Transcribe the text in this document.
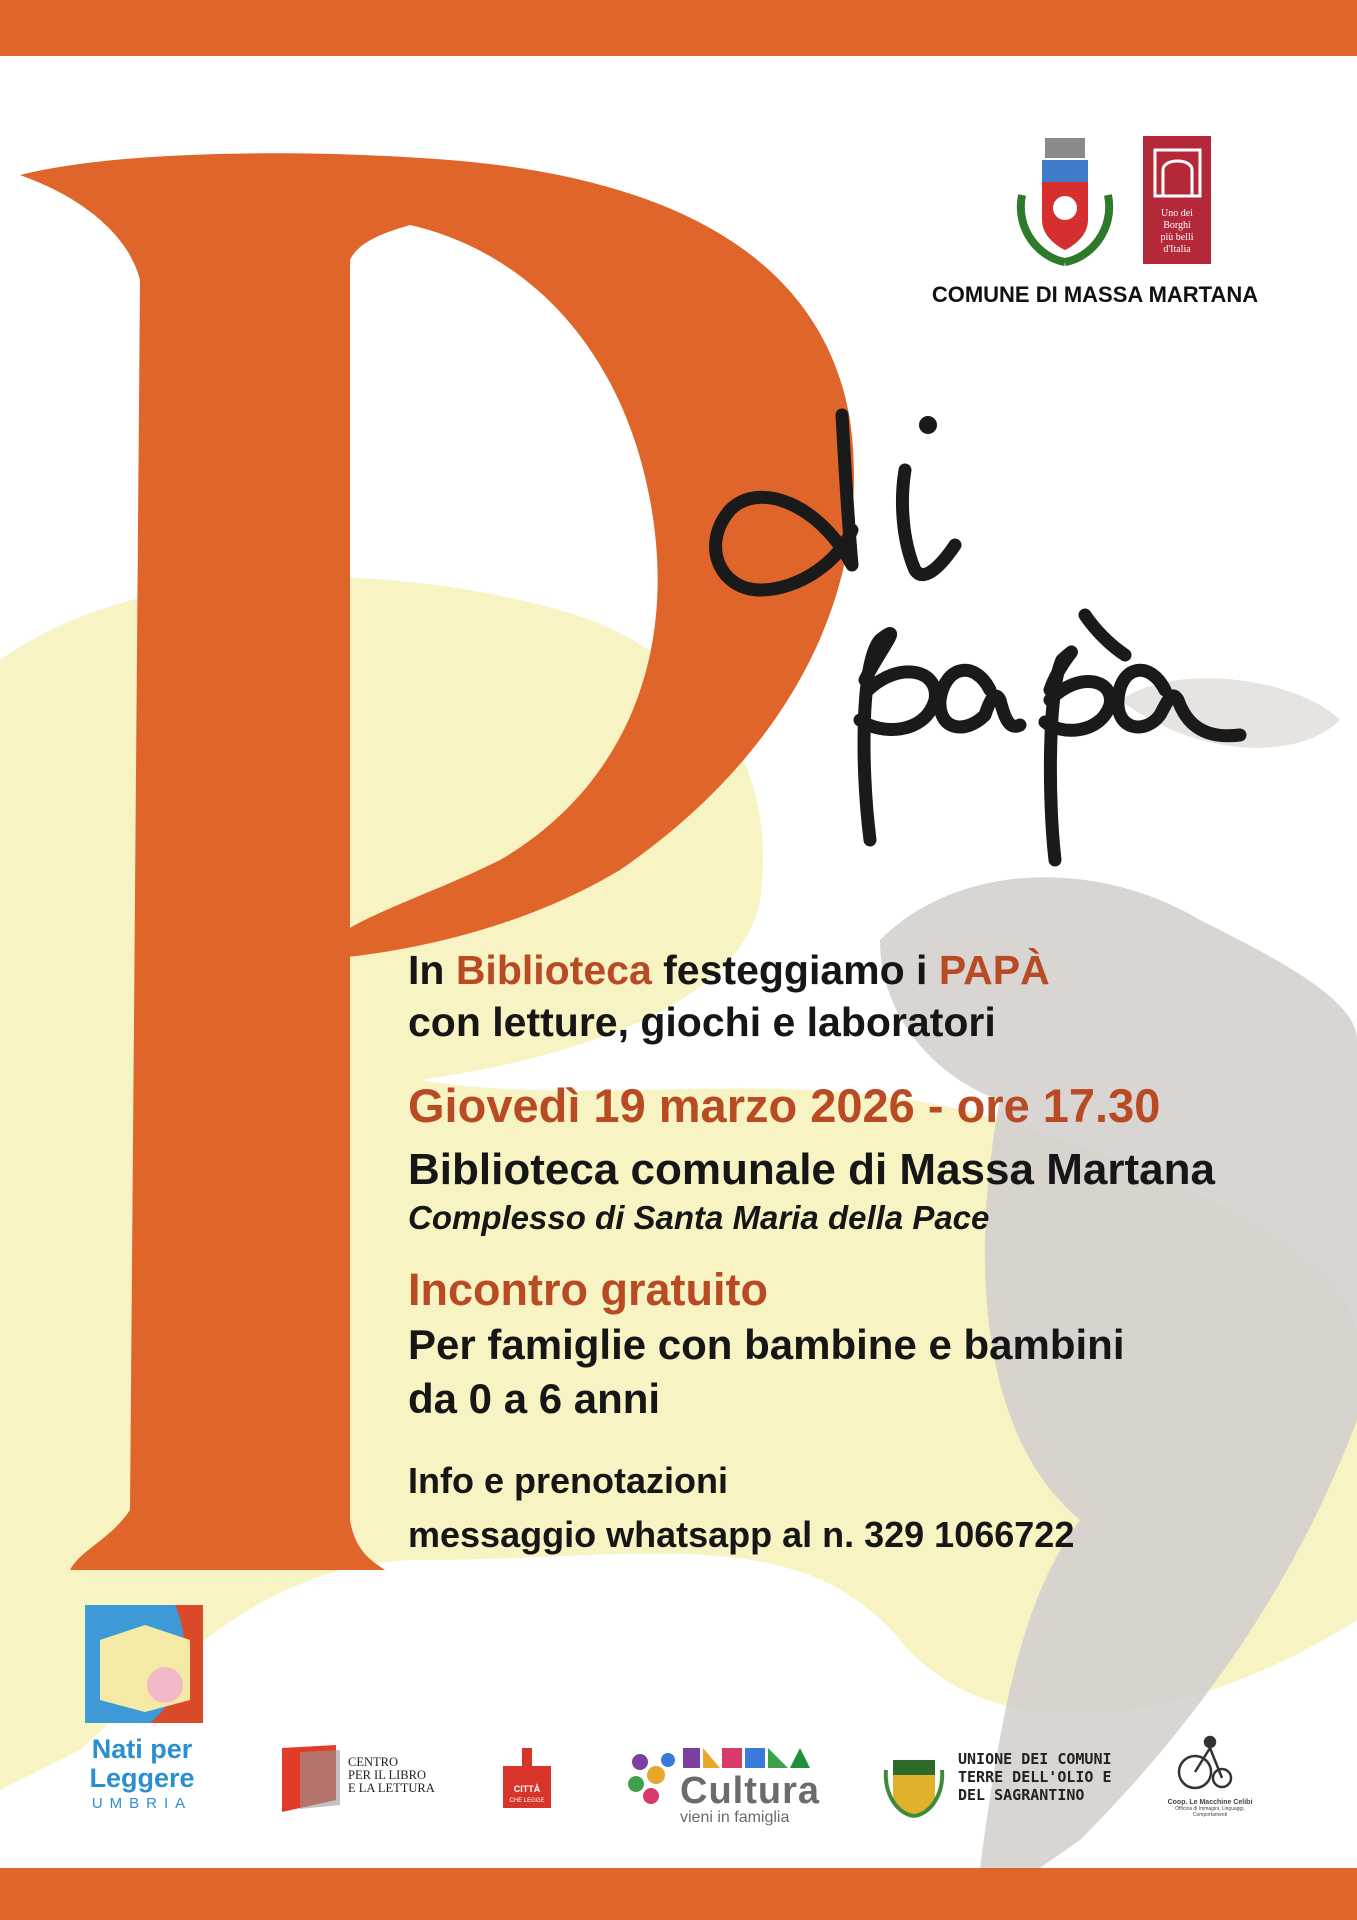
Uno dei
Borghi
più belli
d'Italia
COMUNE DI MASSA MARTANA
In Biblioteca festeggiamo i PAPÀ
con letture, giochi e laboratori
Giovedì 19 marzo 2026 - ore 17.30
Biblioteca comunale di Massa Martana
Complesso di Santa Maria della Pace
Incontro gratuito
Per famiglie con bambine e bambini
da 0 a 6 anni
Info e prenotazioni
messaggio whatsapp al n. 329 1066722
CITTÀ
CHE LEGGE
Nati per
Leggere
UMBRIA
CENTRO
PER IL LIBRO
E LA LETTURA	Cultura
vieni in famiglia
UNIONE DEI COMUNI
TERRE DELL'OLIO E
DEL SAGRANTINO	Coop. Le Macchine Celibi
Officina di Immagini, Linguaggi, Comportamenti
